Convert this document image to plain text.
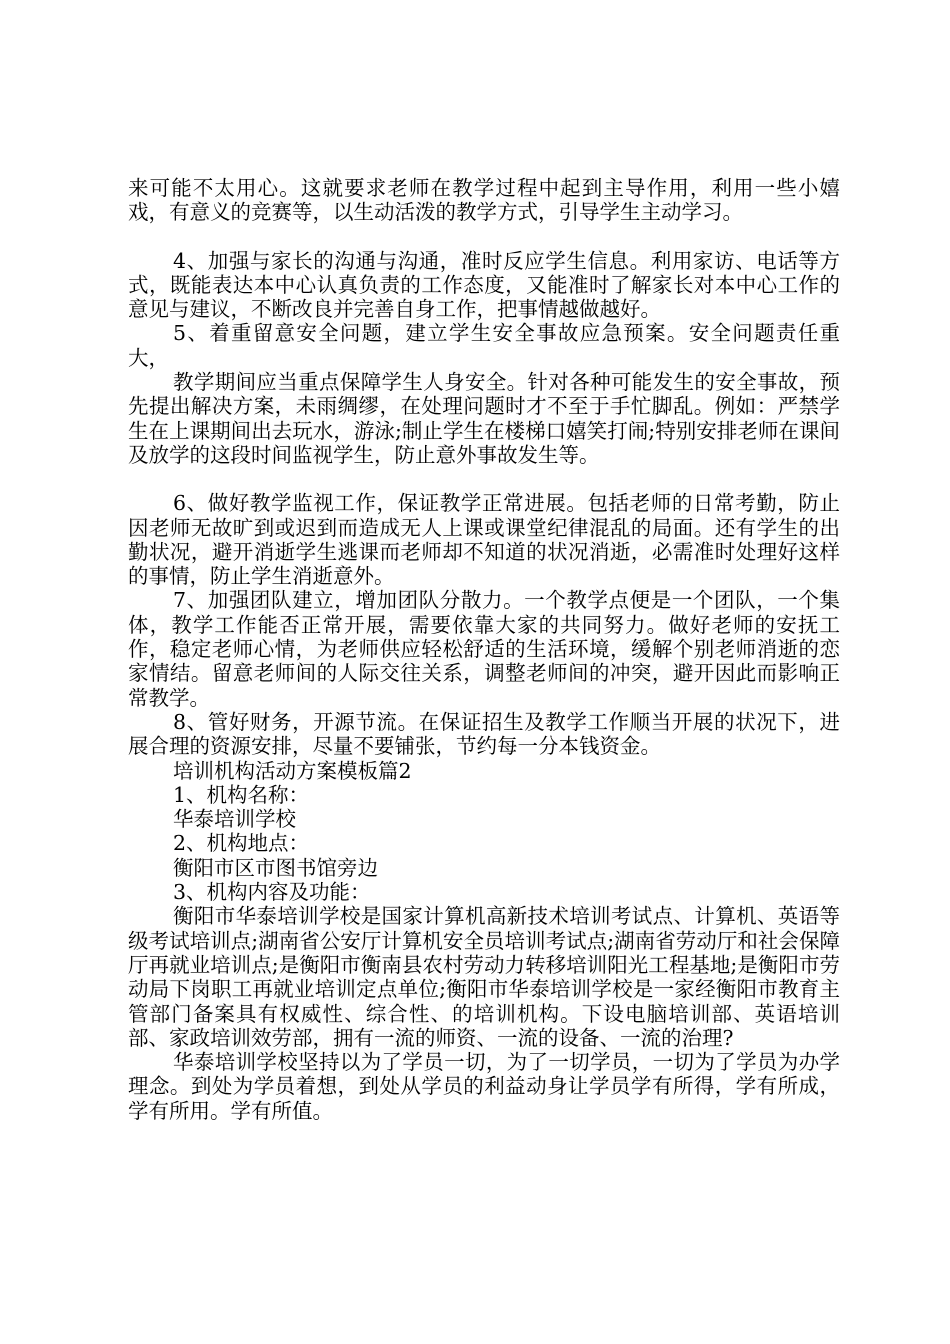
来可能不太用心。这就要求老师在教学过程中起到主导作用，利用一些小嬉戏，有意义的竞赛等，以生动活泼的教学方式，引导学生主动学习。

4、加强与家长的沟通与沟通，准时反应学生信息。利用家访、电话等方式，既能表达本中心认真负责的工作态度，又能准时了解家长对本中心工作的意见与建议，不断改良并完善自身工作，把事情越做越好。

5、着重留意安全问题，建立学生安全事故应急预案。安全问题责任重大，

教学期间应当重点保障学生人身安全。针对各种可能发生的安全事故，预先提出解决方案，未雨绸缪，在处理问题时才不至于手忙脚乱。例如：严禁学生在上课期间出去玩水，游泳;制止学生在楼梯口嬉笑打闹;特别安排老师在课间及放学的这段时间监视学生，防止意外事故发生等。

6、做好教学监视工作，保证教学正常进展。包括老师的日常考勤，防止因老师无故旷到或迟到而造成无人上课或课堂纪律混乱的局面。还有学生的出勤状况，避开消逝学生逃课而老师却不知道的状况消逝，必需准时处理好这样的事情，防止学生消逝意外。

7、加强团队建立，增加团队分散力。一个教学点便是一个团队，一个集体，教学工作能否正常开展，需要依靠大家的共同努力。做好老师的安抚工作，稳定老师心情，为老师供应轻松舒适的生活环境，缓解个别老师消逝的恋家情结。留意老师间的人际交往关系，调整老师间的冲突，避开因此而影响正常教学。

8、管好财务，开源节流。在保证招生及教学工作顺当开展的状况下，进展合理的资源安排，尽量不要铺张，节约每一分本钱资金。

培训机构活动方案模板篇2

1、机构名称：

华泰培训学校

2、机构地点：

衡阳市区市图书馆旁边

3、机构内容及功能：

衡阳市华泰培训学校是国家计算机高新技术培训考试点、计算机、英语等级考试培训点;湖南省公安厅计算机安全员培训考试点;湖南省劳动厅和社会保障厅再就业培训点;是衡阳市衡南县农村劳动力转移培训阳光工程基地;是衡阳市劳动局下岗职工再就业培训定点单位;衡阳市华泰培训学校是一家经衡阳市教育主管部门备案具有权威性、综合性、的培训机构。下设电脑培训部、英语培训部、家政培训效劳部，拥有一流的师资、一流的设备、一流的治理?

华泰培训学校坚持以为了学员一切，为了一切学员，一切为了学员为办学理念。到处为学员着想，到处从学员的利益动身让学员学有所得，学有所成，学有所用。学有所值。
